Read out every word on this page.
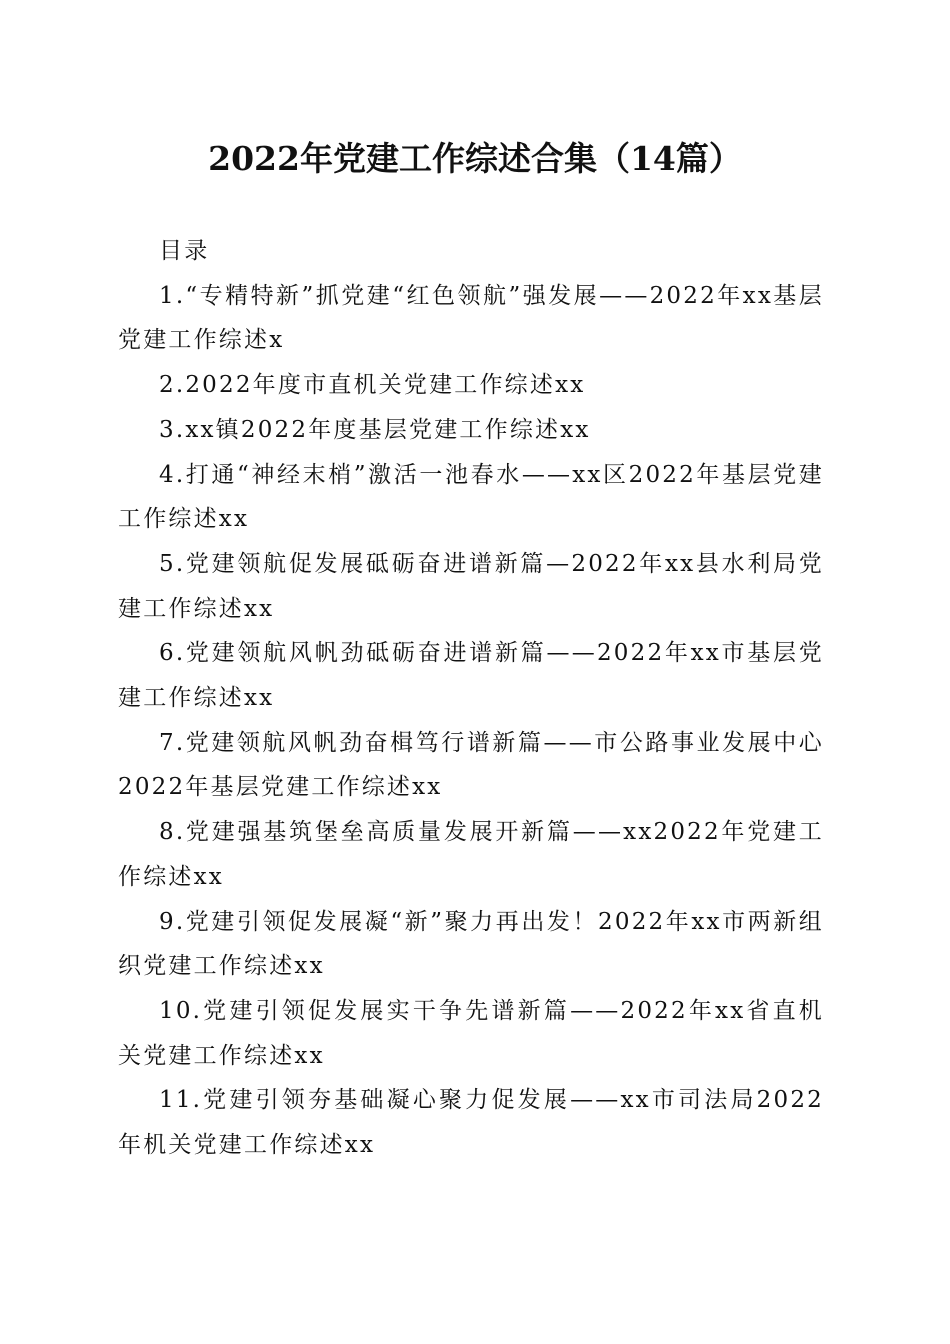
2022年党建工作综述合集（14篇）

目录

1.“专精特新”抓党建“红色领航”强发展——2022年xx基层党建工作综述x
2.2022年度市直机关党建工作综述xx
3.xx镇2022年度基层党建工作综述xx
4.打通“神经末梢”激活一池春水——xx区2022年基层党建工作综述xx
5.党建领航促发展砥砺奋进谱新篇—2022年xx县水利局党建工作综述xx
6.党建领航风帆劲砥砺奋进谱新篇——2022年xx市基层党建工作综述xx
7.党建领航风帆劲奋楫笃行谱新篇——市公路事业发展中心2022年基层党建工作综述xx
8.党建强基筑堡垒高质量发展开新篇——xx2022年党建工作综述xx
9.党建引领促发展凝“新”聚力再出发！2022年xx市两新组织党建工作综述xx
10.党建引领促发展实干争先谱新篇——2022年xx省直机关党建工作综述xx
11.党建引领夯基础凝心聚力促发展——xx市司法局2022年机关党建工作综述xx
